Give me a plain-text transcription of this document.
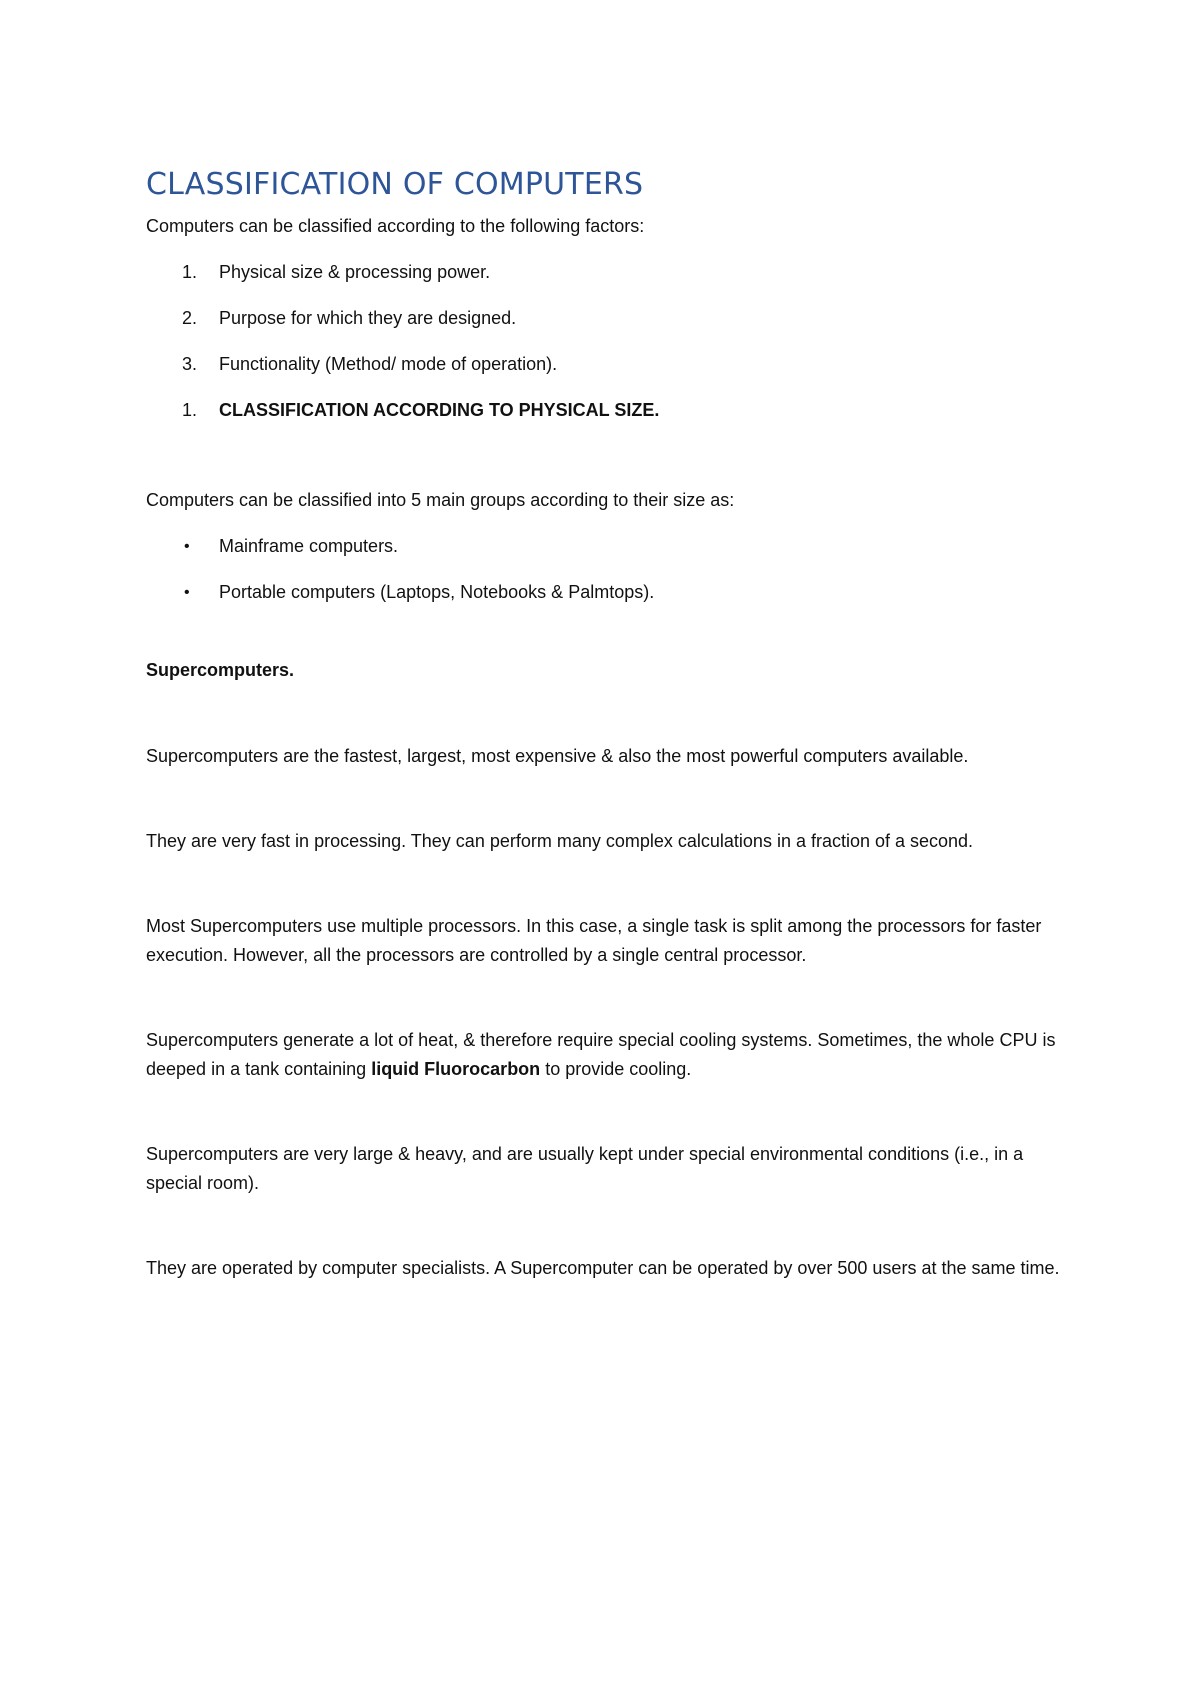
CLASSIFICATION OF COMPUTERS

Computers can be classified according to the following factors:

1.	Physical size & processing power.
2.	Purpose for which they are designed.
3.	Functionality (Method/ mode of operation).
1.	CLASSIFICATION ACCORDING TO PHYSICAL SIZE.

Computers can be classified into 5 main groups according to their size as:

•	Mainframe computers.
•	Portable computers (Laptops, Notebooks & Palmtops).

Supercomputers.

Supercomputers are the fastest, largest, most expensive & also the most powerful computers available.

They are very fast in processing. They can perform many complex calculations in a fraction of a second.

Most Supercomputers use multiple processors. In this case, a single task is split among the processors for faster execution. However, all the processors are controlled by a single central processor.

Supercomputers generate a lot of heat, & therefore require special cooling systems. Sometimes, the whole CPU is deeped in a tank containing liquid Fluorocarbon to provide cooling.

Supercomputers are very large & heavy, and are usually kept under special environmental conditions (i.e., in a special room).

They are operated by computer specialists. A Supercomputer can be operated by over 500 users at the same time.
